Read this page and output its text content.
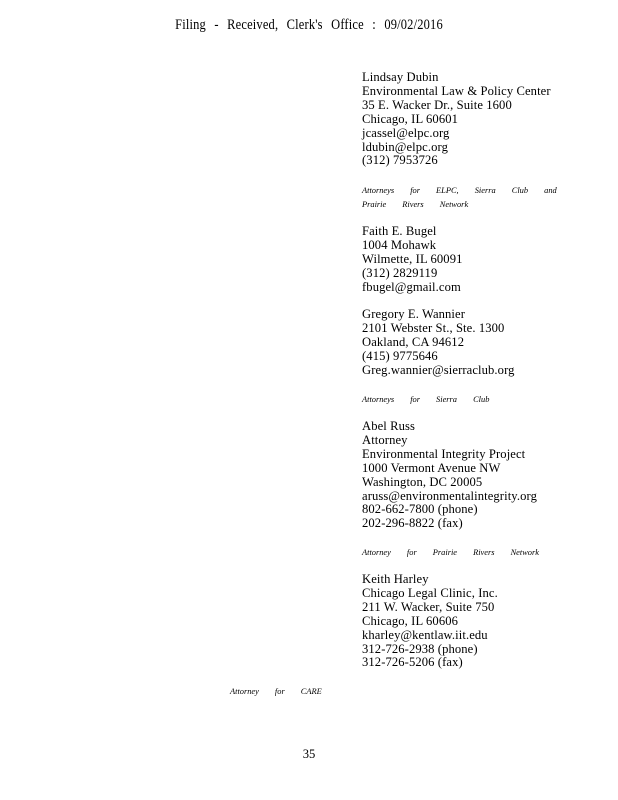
Filing - Received, Clerk's Office : 09/02/2016
Lindsay Dubin
Environmental Law & Policy Center
35 E. Wacker Dr., Suite 1600
Chicago, IL 60601
jcassel@elpc.org
ldubin@elpc.org
(312) 7953726
Attorneys for ELPC, Sierra Club and
Prairie Rivers Network
Faith E. Bugel
1004 Mohawk
Wilmette, IL 60091
(312) 2829119
fbugel@gmail.com
Gregory E. Wannier
2101 Webster St., Ste. 1300
Oakland, CA 94612
(415) 9775646
Greg.wannier@sierraclub.org
Attorneys for Sierra Club
Abel Russ
Attorney
Environmental Integrity Project
1000 Vermont Avenue NW
Washington, DC 20005
aruss@environmentalintegrity.org
802-662-7800 (phone)
202-296-8822 (fax)
Attorney for Prairie Rivers Network
Keith Harley
Chicago Legal Clinic, Inc.
211 W. Wacker, Suite 750
Chicago, IL 60606
kharley@kentlaw.iit.edu
312-726-2938 (phone)
312-726-5206 (fax)
Attorney for CARE
35
